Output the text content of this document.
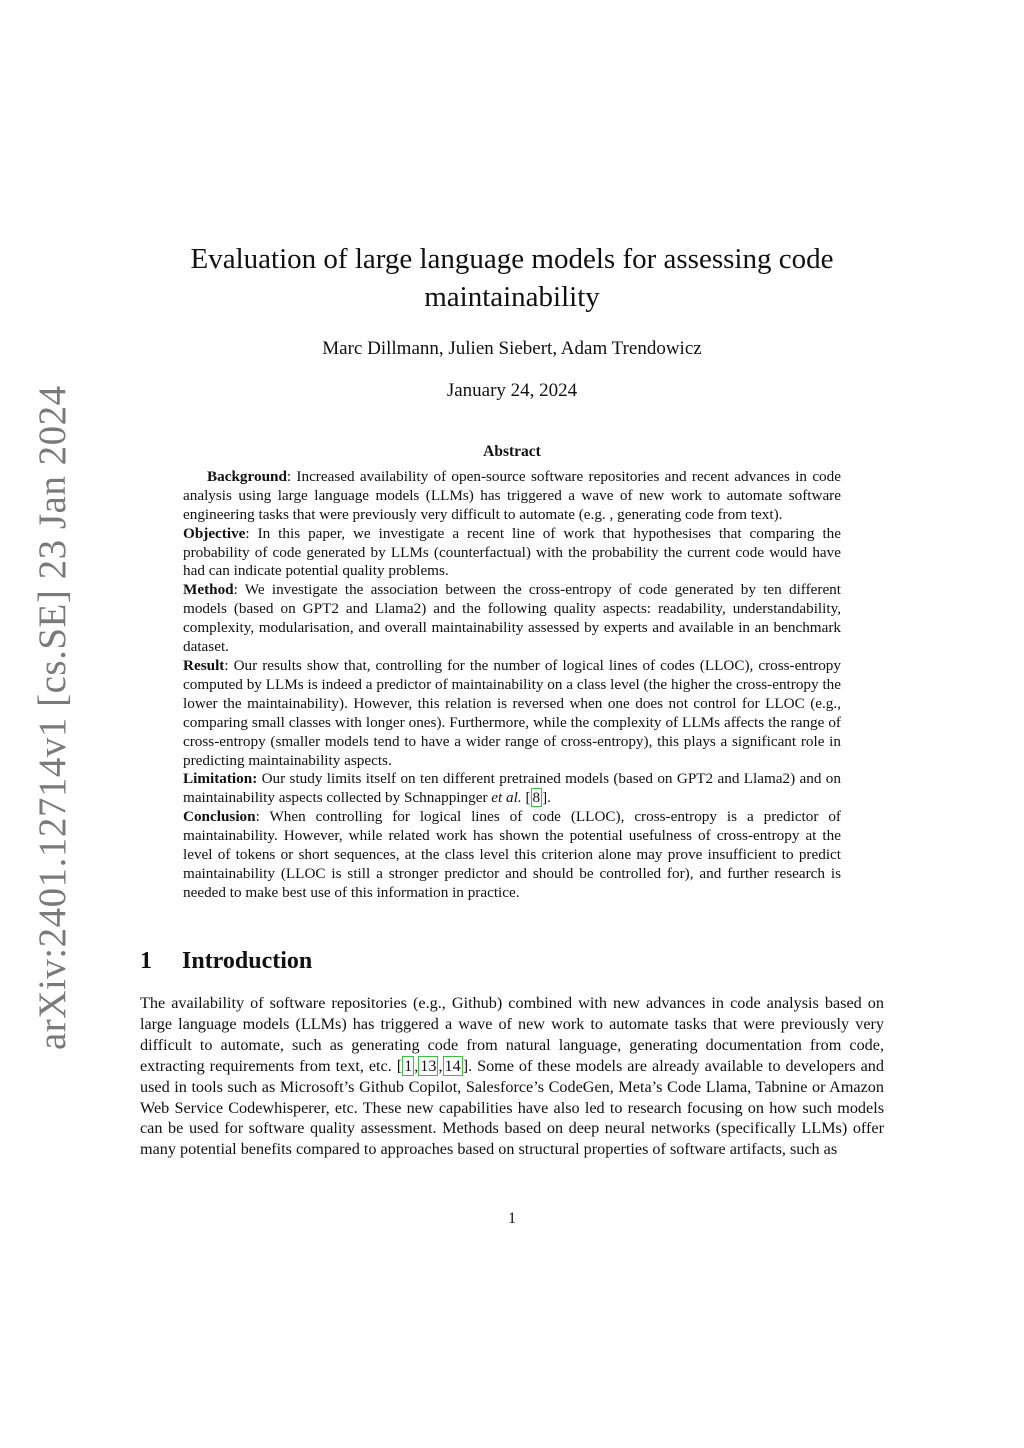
arXiv:2401.12714v1 [cs.SE] 23 Jan 2024
Evaluation of large language models for assessing code maintainability
Marc Dillmann, Julien Siebert, Adam Trendowicz
January 24, 2024
Abstract

Background: Increased availability of open-source software repositories and recent advances in code analysis using large language models (LLMs) has triggered a wave of new work to automate software engineering tasks that were previously very difficult to automate (e.g. , generating code from text).

Objective: In this paper, we investigate a recent line of work that hypothesises that comparing the probability of code generated by LLMs (counterfactual) with the probability the current code would have had can indicate potential quality problems.

Method: We investigate the association between the cross-entropy of code generated by ten different models (based on GPT2 and Llama2) and the following quality aspects: readability, understandability, complexity, modularisation, and overall maintainability assessed by experts and available in an benchmark dataset.

Result: Our results show that, controlling for the number of logical lines of codes (LLOC), cross-entropy computed by LLMs is indeed a predictor of maintainability on a class level (the higher the cross-entropy the lower the maintainability). However, this relation is reversed when one does not control for LLOC (e.g., comparing small classes with longer ones). Furthermore, while the complexity of LLMs affects the range of cross-entropy (smaller models tend to have a wider range of cross-entropy), this plays a significant role in predicting maintainability aspects.

Limitation: Our study limits itself on ten different pretrained models (based on GPT2 and Llama2) and on maintainability aspects collected by Schnappinger et al. [ 8 ].

Conclusion: When controlling for logical lines of code (LLOC), cross-entropy is a predictor of maintainability. However, while related work has shown the potential usefulness of cross-entropy at the level of tokens or short sequences, at the class level this criterion alone may prove insufficient to predict maintainability (LLOC is still a stronger predictor and should be controlled for), and further research is needed to make best use of this information in practice.

1 Introduction

The availability of software repositories (e.g., Github) combined with new advances in code analysis based on large language models (LLMs) has triggered a wave of new work to automate tasks that were previously very difficult to automate, such as generating code from natural language, generating documentation from code, extracting requirements from text, etc. [ 1 , 13 , 14 ]. Some of these models are already available to developers and used in tools such as Microsoft’s Github Copilot, Salesforce’s CodeGen, Meta’s Code Llama, Tabnine or Amazon Web Service Codewhisperer, etc. These new capabilities have also led to research focusing on how such models can be used for software quality assessment. Methods based on deep neural networks (specifically LLMs) offer many potential benefits compared to approaches based on structural properties of software artifacts, such as

1
